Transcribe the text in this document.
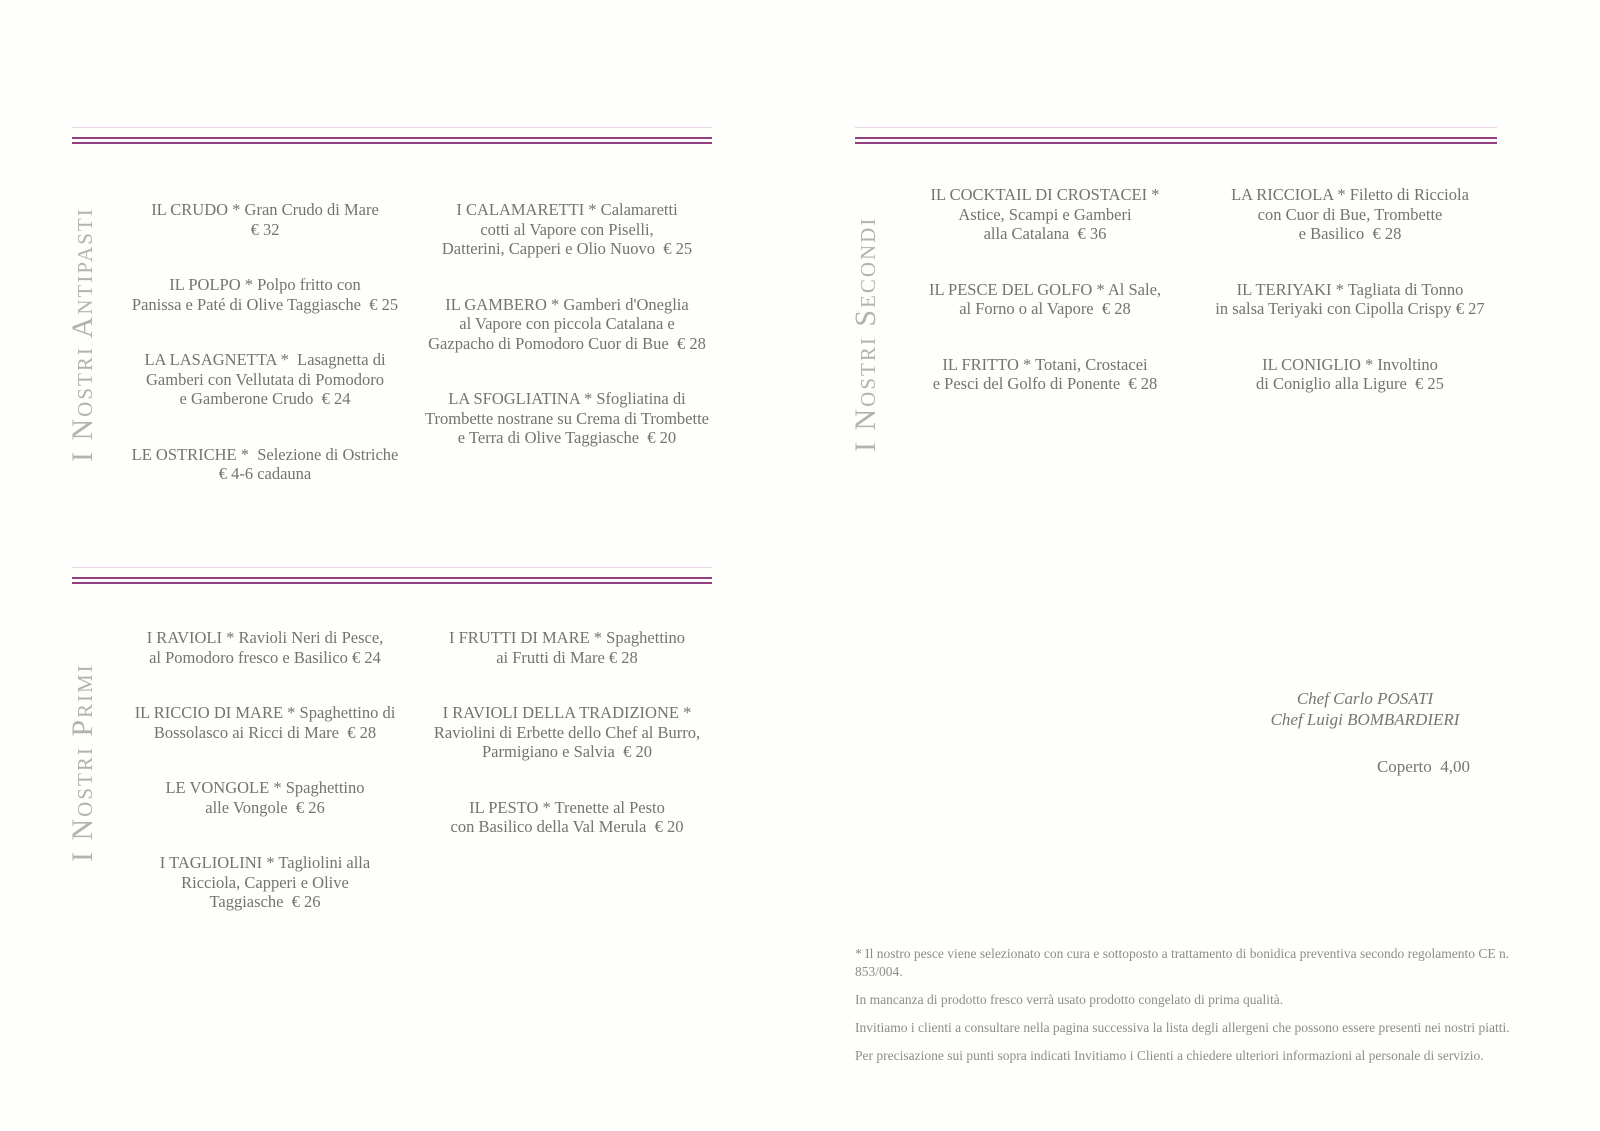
I Nostri Antipasti	IL CRUDO * Gran Crudo di Mare
€ 32
IL POLPO * Polpo fritto con
Panissa e Paté di Olive Taggiasche  € 25
LA LASAGNETTA *  Lasagnetta di
Gamberi con Vellutata di Pomodoro
e Gamberone Crudo  € 24
LE OSTRICHE *  Selezione di Ostriche
€ 4-6 cadauna
I CALAMARETTI * Calamaretti
cotti al Vapore con Piselli,
Datterini, Capperi e Olio Nuovo  € 25
IL GAMBERO * Gamberi d'Oneglia
al Vapore con piccola Catalana e
Gazpacho di Pomodoro Cuor di Bue  € 28
LA SFOGLIATINA * Sfogliatina di
Trombette nostrane su Crema di Trombette
e Terra di Olive Taggiasche  € 20
I Nostri Primi
I RAVIOLI * Ravioli Neri di Pesce,
al Pomodoro fresco e Basilico € 24
IL RICCIO DI MARE * Spaghettino di
Bossolasco ai Ricci di Mare  € 28
LE VONGOLE * Spaghettino
alle Vongole  € 26
I TAGLIOLINI * Tagliolini alla
Ricciola, Capperi e Olive
Taggiasche  € 26
I FRUTTI DI MARE * Spaghettino
ai Frutti di Mare € 28
I RAVIOLI DELLA TRADIZIONE *
Raviolini di Erbette dello Chef al Burro,
Parmigiano e Salvia  € 20
IL PESTO * Trenette al Pesto
con Basilico della Val Merula  € 20
I Nostri Secondi
IL COCKTAIL DI CROSTACEI *
Astice, Scampi e Gamberi
alla Catalana  € 36
IL PESCE DEL GOLFO * Al Sale,
al Forno o al Vapore  € 28
IL FRITTO * Totani, Crostacei
e Pesci del Golfo di Ponente  € 28
LA RICCIOLA * Filetto di Ricciola
con Cuor di Bue, Trombette
e Basilico  € 28
IL TERIYAKI * Tagliata di Tonno
in salsa Teriyaki con Cipolla Crispy € 27
IL CONIGLIO * Involtino
di Coniglio alla Ligure  € 25
Chef Carlo POSATI
Chef Luigi BOMBARDIERI
Coperto  4,00
* Il nostro pesce viene selezionato con cura e sottoposto a trattamento di bonidica preventiva secondo regolamento CE n. 853/004.
In mancanza di prodotto fresco verrà usato prodotto congelato di prima qualità.
Invitiamo i clienti a consultare nella pagina successiva la lista degli allergeni che possono essere presenti nei nostri piatti.
Per precisazione sui punti sopra indicati Invitiamo i Clienti a chiedere ulteriori informazioni al personale di servizio.
